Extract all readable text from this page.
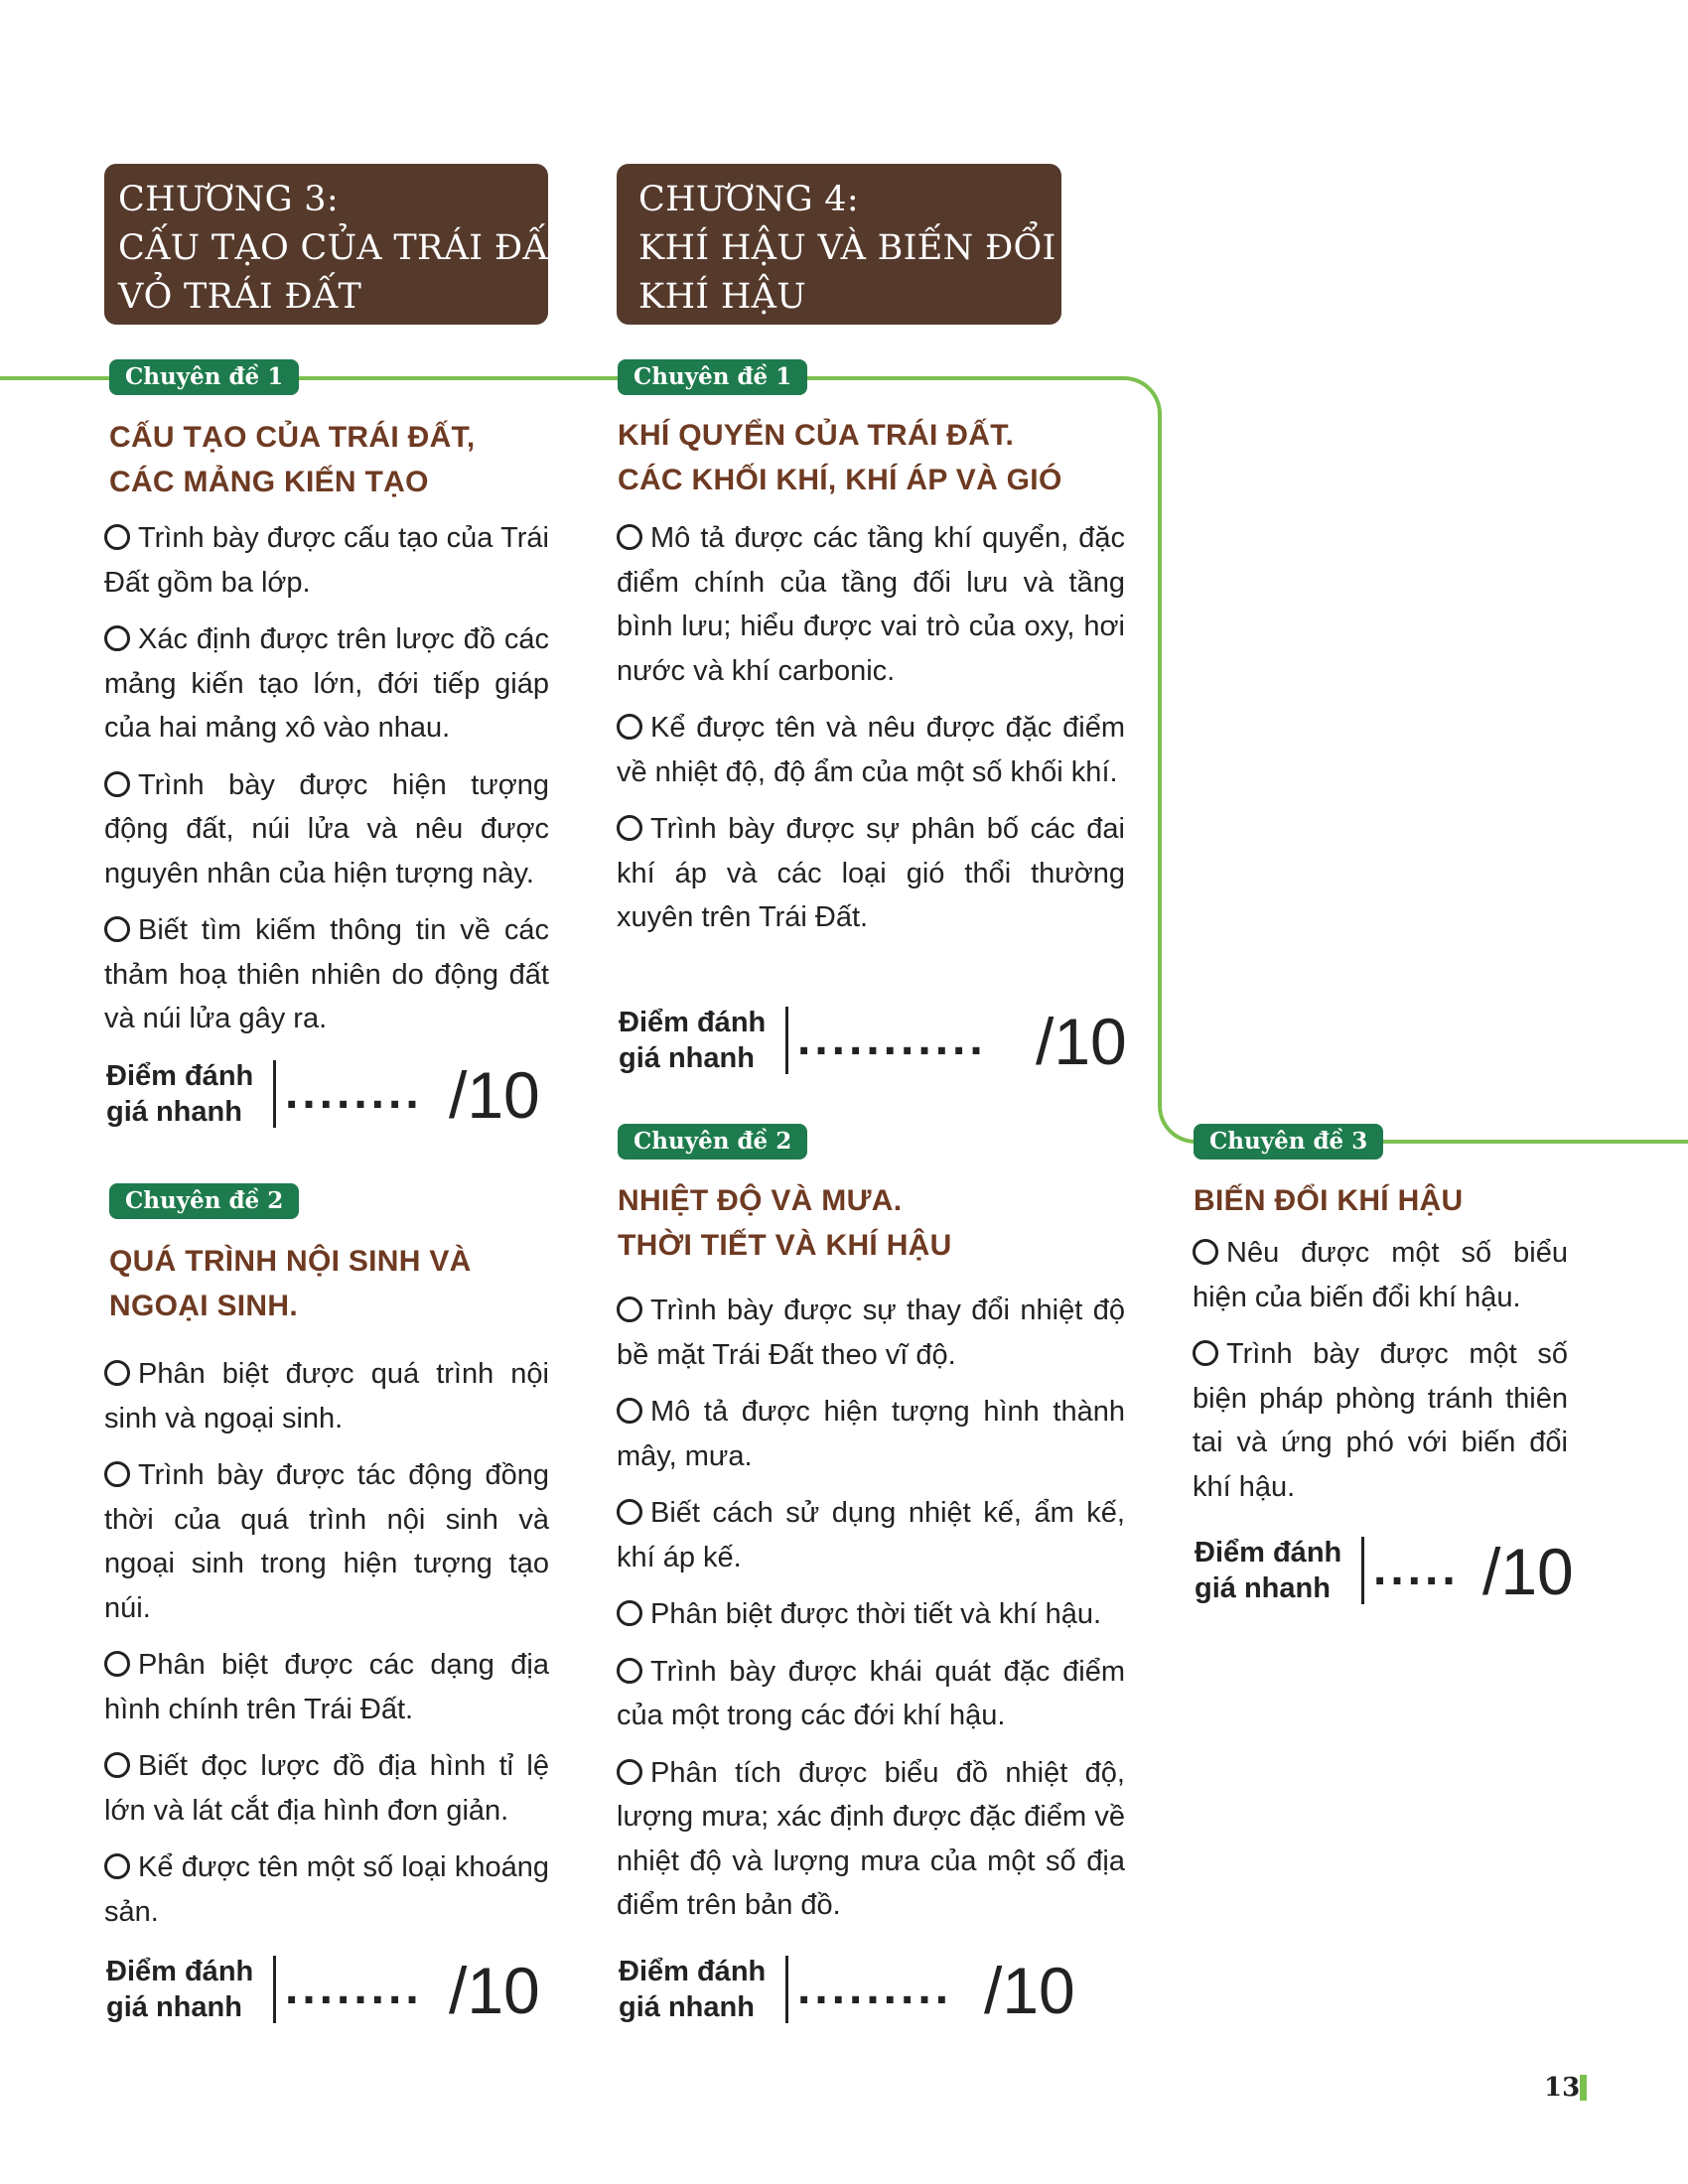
CHƯƠNG 3:
CẤU TẠO CỦA TRÁI ĐẤT.
VỎ TRÁI ĐẤT
CHƯƠNG 4:
KHÍ HẬU VÀ BIẾN ĐỔI
KHÍ HẬU
Chuyên đề 1
CẤU TẠO CỦA TRÁI ĐẤT,
CÁC MẢNG KIẾN TẠO
Trình bày được cấu tạo của Trái Đất gồm ba lớp.
Xác định được trên lược đồ các mảng kiến tạo lớn, đới tiếp giáp của hai mảng xô vào nhau.
Trình bày được hiện tượng động đất, núi lửa và nêu được nguyên nhân của hiện tượng này.
Biết tìm kiếm thông tin về các thảm hoạ thiên nhiên do động đất và núi lửa gây ra.
Điểm đánh
giá nhanh ........ /10
Chuyên đề 2
QUÁ TRÌNH NỘI SINH VÀ
NGOẠI SINH.
Phân biệt được quá trình nội sinh và ngoại sinh.
Trình bày được tác động đồng thời của quá trình nội sinh và ngoại sinh trong hiện tượng tạo núi.
Phân biệt được các dạng địa hình chính trên Trái Đất.
Biết đọc lược đồ địa hình tỉ lệ lớn và lát cắt địa hình đơn giản.
Kể được tên một số loại khoáng sản.
Điểm đánh
giá nhanh ........ /10
Chuyên đề 1
KHÍ QUYỂN CỦA TRÁI ĐẤT.
CÁC KHỐI KHÍ, KHÍ ÁP VÀ GIÓ
Mô tả được các tầng khí quyển, đặc điểm chính của tầng đối lưu và tầng bình lưu; hiểu được vai trò của oxy, hơi nước và khí carbonic.
Kể được tên và nêu được đặc điểm về nhiệt độ, độ ẩm của một số khối khí.
Trình bày được sự phân bố các đai khí áp và các loại gió thổi thường xuyên trên Trái Đất.
Điểm đánh
giá nhanh ........... /10
Chuyên đề 2
NHIỆT ĐỘ VÀ MƯA.
THỜI TIẾT VÀ KHÍ HẬU
Trình bày được sự thay đổi nhiệt độ bề mặt Trái Đất theo vĩ độ.
Mô tả được hiện tượng hình thành mây, mưa.
Biết cách sử dụng nhiệt kế, ẩm kế, khí áp kế.
Phân biệt được thời tiết và khí hậu.
Trình bày được khái quát đặc điểm của một trong các đới khí hậu.
Phân tích được biểu đồ nhiệt độ, lượng mưa; xác định được đặc điểm về nhiệt độ và lượng mưa của một số địa điểm trên bản đồ.
Điểm đánh
giá nhanh ......... /10
Chuyên đề 3
BIẾN ĐỔI KHÍ HẬU
Nêu được một số biểu hiện của biến đổi khí hậu.
Trình bày được một số biện pháp phòng tránh thiên tai và ứng phó với biến đổi khí hậu.
Điểm đánh
giá nhanh ..... /10
13
